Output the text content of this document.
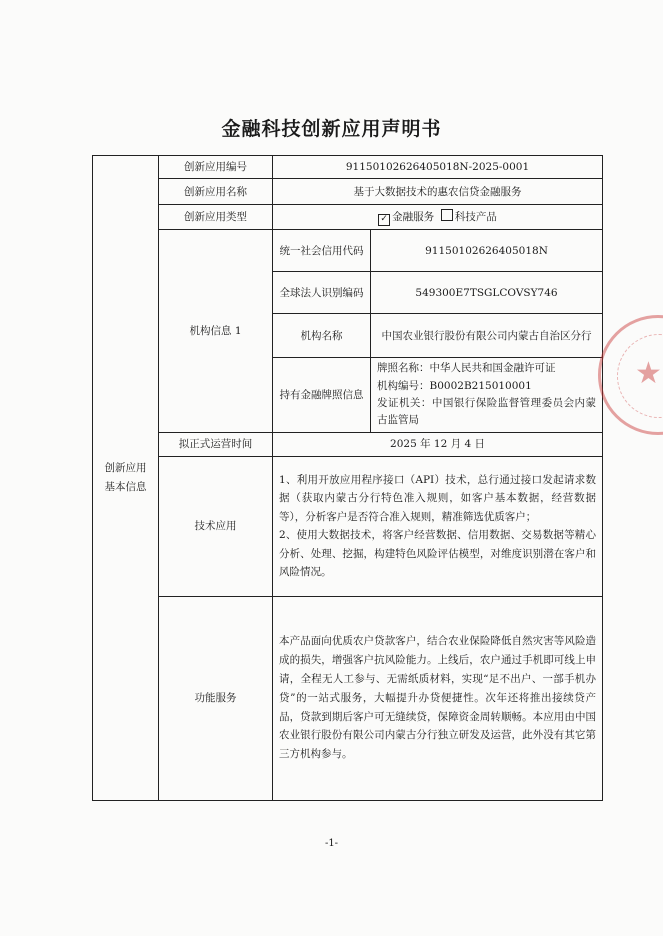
金融科技创新应用声明书
创新应用基本信息	创新应用编号	91150102626405018N-2025-0001	
	创新应用名称	基于大数据技术的惠农信贷金融服务	
	创新应用类型	✓ 金融服务 科技产品	
	机构信息 1	统一社会信用代码	91150102626405018N
		全球法人识别编码	549300E7TSGLCOVSY746
		机构名称	中国农业银行股份有限公司内蒙古自治区分行
		持有金融牌照信息	牌照名称：中华人民共和国金融许可证
机构编号：B0002B215010001
发证机关：中国银行保险监督管理委员会内蒙古监管局

	拟正式运营时间	2025 年 12 月 4 日	
	技术应用	1、利用开放应用程序接口（API）技术，总行通过接口发起请求数据（获取内蒙古分行特色准入规则，如客户基本数据，经营数据等），分析客户是否符合准入规则，精准筛选优质客户；
2、使用大数据技术，将客户经营数据、信用数据、交易数据等精心分析、处理、挖掘，构建特色风险评估模型，对维度识别潜在客户和风险情况。	

	功能服务	本产品面向优质农户贷款客户，结合农业保险降低自然灾害等风险造成的损失，增强客户抗风险能力。上线后，农户通过手机即可线上申请，全程无人工参与、无需纸质材料，实现“足不出户、一部手机办贷”的一站式服务，大幅提升办贷便捷性。次年还将推出接续贷产品，贷款到期后客户可无缝续贷，保障资金周转顺畅。本应用由中国农业银行股份有限公司内蒙古分行独立研发及运营，此外没有其它第三方机构参与。	
-1-
★
